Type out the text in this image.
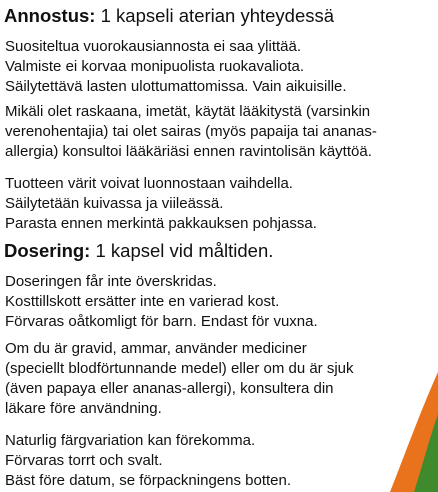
Annostus: 1 kapseli aterian yhteydessä

Suositeltua vuorokausiannosta ei saa ylittää.
Valmiste ei korvaa monipuolista ruokavaliota.
Säilytettävä lasten ulottumattomissa. Vain aikuisille.
Mikäli olet raskaana, imetät, käytät lääkitystä (varsinkin
verenohentajia) tai olet sairas (myös papaija tai ananas-
allergia) konsultoi lääkäriäsi ennen ravintolisän käyttöä.
Tuotteen värit voivat luonnostaan vaihdella.
Säilytetään kuivassa ja viileässä.
Parasta ennen merkintä pakkauksen pohjassa.

Dosering: 1 kapsel vid måltiden.

Doseringen får inte överskridas.
Kosttillskott ersätter inte en varierad kost.
Förvaras oåtkomligt för barn. Endast för vuxna.
Om du är gravid, ammar, använder mediciner
(speciellt blodförtunnande medel) eller om du är sjuk
(även papaya eller ananas-allergi), konsultera din
läkare före användning.
Naturlig färgvariation kan förekomma.
Förvaras torrt och svalt.
Bäst före datum, se förpackningens botten.
